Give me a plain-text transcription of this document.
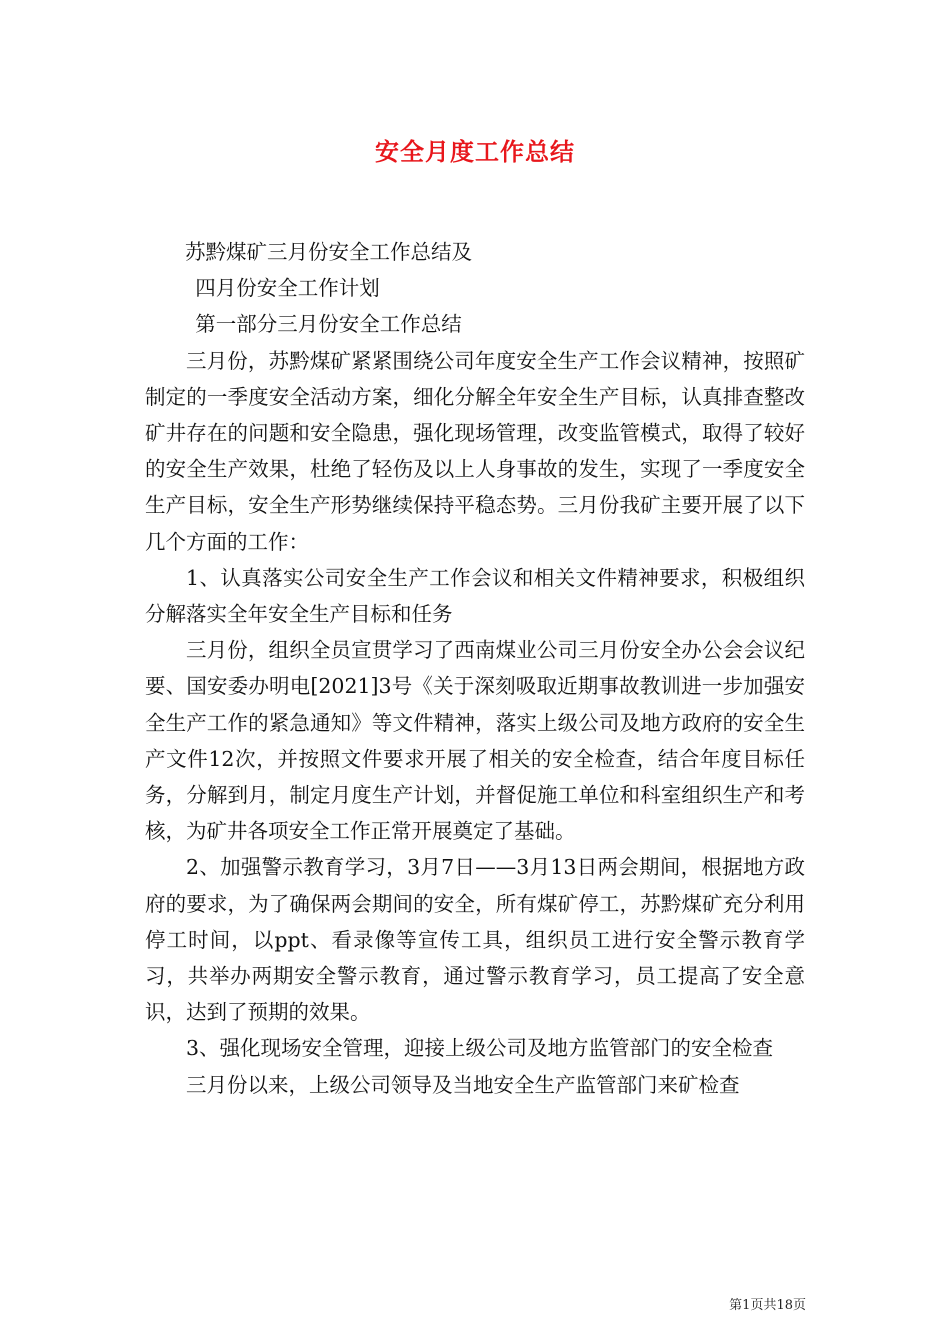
安全月度工作总结

苏黔煤矿三月份安全工作总结及

四月份安全工作计划

第一部分三月份安全工作总结

三月份，苏黔煤矿紧紧围绕公司年度安全生产工作会议精神，按照矿制定的一季度安全活动方案，细化分解全年安全生产目标，认真排查整改矿井存在的问题和安全隐患，强化现场管理，改变监管模式，取得了较好的安全生产效果，杜绝了轻伤及以上人身事故的发生，实现了一季度安全生产目标，安全生产形势继续保持平稳态势。三月份我矿主要开展了以下几个方面的工作：

1、认真落实公司安全生产工作会议和相关文件精神要求，积极组织分解落实全年安全生产目标和任务

三月份，组织全员宣贯学习了西南煤业公司三月份安全办公会会议纪要、国安委办明电[2021]3号《关于深刻吸取近期事故教训进一步加强安全生产工作的紧急通知》等文件精神，落实上级公司及地方政府的安全生产文件12次，并按照文件要求开展了相关的安全检查，结合年度目标任务，分解到月，制定月度生产计划，并督促施工单位和科室组织生产和考核，为矿井各项安全工作正常开展奠定了基础。

2、加强警示教育学习，3月7日——3月13日两会期间，根据地方政府的要求，为了确保两会期间的安全，所有煤矿停工，苏黔煤矿充分利用停工时间，以ppt、看录像等宣传工具，组织员工进行安全警示教育学习，共举办两期安全警示教育，通过警示教育学习，员工提高了安全意识，达到了预期的效果。

3、强化现场安全管理，迎接上级公司及地方监管部门的安全检查

三月份以来，上级公司领导及当地安全生产监管部门来矿检查

第1页共18页
